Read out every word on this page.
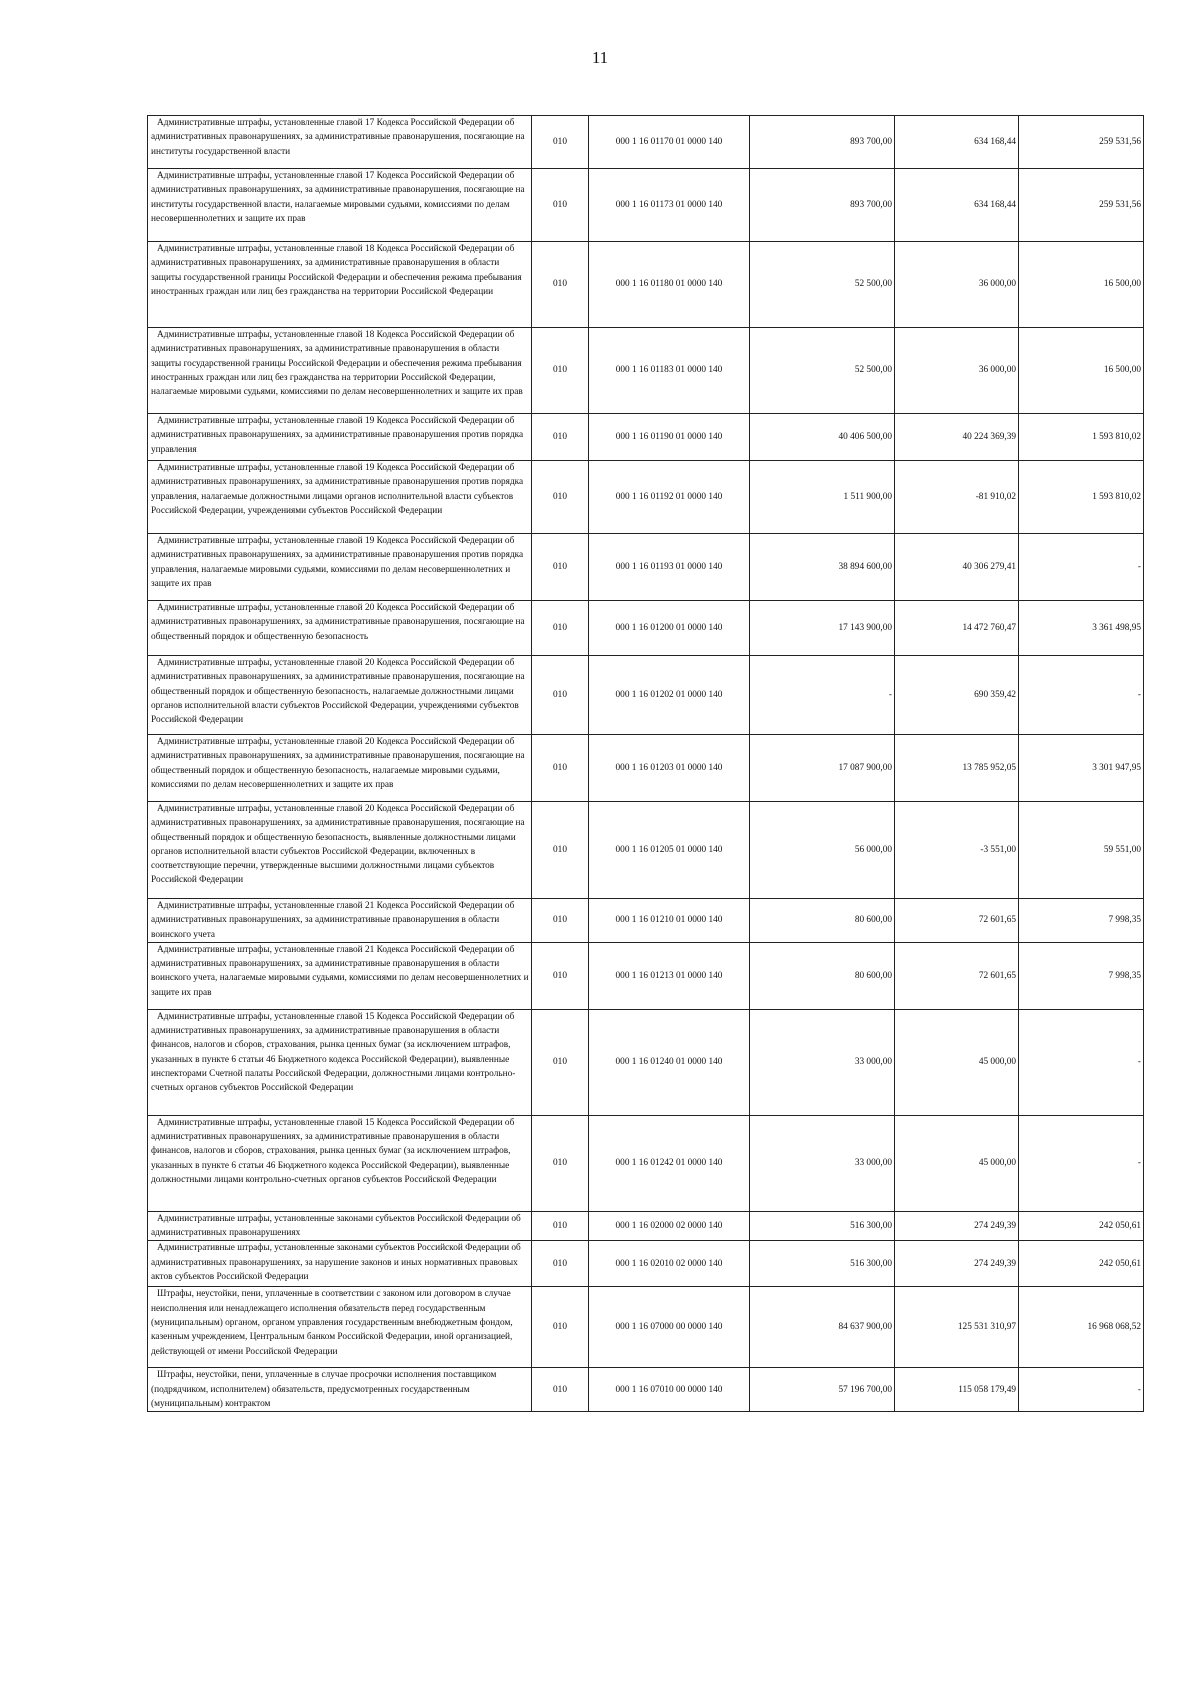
11
Административные штрафы, установленные главой 17 Кодекса Российской Федерации об административных правонарушениях, за административные правонарушения, посягающие на институты государственной власти	010	000 1 16 01170 01 0000 140	893 700,00	634 168,44	259 531,56

Административные штрафы, установленные главой 17 Кодекса Российской Федерации об административных правонарушениях, за административные правонарушения, посягающие на институты государственной власти, налагаемые мировыми судьями, комиссиями по делам несовершеннолетних и защите их прав	010	000 1 16 01173 01 0000 140	893 700,00	634 168,44	259 531,56

Административные штрафы, установленные главой 18 Кодекса Российской Федерации об административных правонарушениях, за административные правонарушения в области защиты государственной границы Российской Федерации и обеспечения режима пребывания иностранных граждан или лиц без гражданства на территории Российской Федерации	010	000 1 16 01180 01 0000 140	52 500,00	36 000,00	16 500,00

Административные штрафы, установленные главой 18 Кодекса Российской Федерации об административных правонарушениях, за административные правонарушения в области защиты государственной границы Российской Федерации и обеспечения режима пребывания иностранных граждан или лиц без гражданства на территории Российской Федерации, налагаемые мировыми судьями, комиссиями по делам несовершеннолетних и защите их прав	010	000 1 16 01183 01 0000 140	52 500,00	36 000,00	16 500,00

Административные штрафы, установленные главой 19 Кодекса Российской Федерации об административных правонарушениях, за административные правонарушения против порядка управления	010	000 1 16 01190 01 0000 140	40 406 500,00	40 224 369,39	1 593 810,02

Административные штрафы, установленные главой 19 Кодекса Российской Федерации об административных правонарушениях, за административные правонарушения против порядка управления, налагаемые должностными лицами органов исполнительной власти субъектов Российской Федерации, учреждениями субъектов Российской Федерации	010	000 1 16 01192 01 0000 140	1 511 900,00	-81 910,02	1 593 810,02

Административные штрафы, установленные главой 19 Кодекса Российской Федерации об административных правонарушениях, за административные правонарушения против порядка управления, налагаемые мировыми судьями, комиссиями по делам несовершеннолетних и защите их прав	010	000 1 16 01193 01 0000 140	38 894 600,00	40 306 279,41	-

Административные штрафы, установленные главой 20 Кодекса Российской Федерации об административных правонарушениях, за административные правонарушения, посягающие на общественный порядок и общественную безопасность	010	000 1 16 01200 01 0000 140	17 143 900,00	14 472 760,47	3 361 498,95

Административные штрафы, установленные главой 20 Кодекса Российской Федерации об административных правонарушениях, за административные правонарушения, посягающие на общественный порядок и общественную безопасность, налагаемые должностными лицами органов исполнительной власти субъектов Российской Федерации, учреждениями субъектов Российской Федерации	010	000 1 16 01202 01 0000 140	-	690 359,42	-

Административные штрафы, установленные главой 20 Кодекса Российской Федерации об административных правонарушениях, за административные правонарушения, посягающие на общественный порядок и общественную безопасность, налагаемые мировыми судьями, комиссиями по делам несовершеннолетних и защите их прав	010	000 1 16 01203 01 0000 140	17 087 900,00	13 785 952,05	3 301 947,95

Административные штрафы, установленные главой 20 Кодекса Российской Федерации об административных правонарушениях, за административные правонарушения, посягающие на общественный порядок и общественную безопасность, выявленные должностными лицами органов исполнительной власти субъектов Российской Федерации, включенных в соответствующие перечни, утвержденные высшими должностными лицами субъектов Российской Федерации	010	000 1 16 01205 01 0000 140	56 000,00	-3 551,00	59 551,00

Административные штрафы, установленные главой 21 Кодекса Российской Федерации об административных правонарушениях, за административные правонарушения в области воинского учета	010	000 1 16 01210 01 0000 140	80 600,00	72 601,65	7 998,35

Административные штрафы, установленные главой 21 Кодекса Российской Федерации об административных правонарушениях, за административные правонарушения в области воинского учета, налагаемые мировыми судьями, комиссиями по делам несовершеннолетних и защите их прав	010	000 1 16 01213 01 0000 140	80 600,00	72 601,65	7 998,35

Административные штрафы, установленные главой 15 Кодекса Российской Федерации об административных правонарушениях, за административные правонарушения в области финансов, налогов и сборов, страхования, рынка ценных бумаг (за исключением штрафов, указанных в пункте 6 статьи 46 Бюджетного кодекса Российской Федерации), выявленные инспекторами Счетной палаты Российской Федерации, должностными лицами контрольно-счетных органов субъектов Российской Федерации	010	000 1 16 01240 01 0000 140	33 000,00	45 000,00	-

Административные штрафы, установленные главой 15 Кодекса Российской Федерации об административных правонарушениях, за административные правонарушения в области финансов, налогов и сборов, страхования, рынка ценных бумаг (за исключением штрафов, указанных в пункте 6 статьи 46 Бюджетного кодекса Российской Федерации), выявленные должностными лицами контрольно-счетных органов субъектов Российской Федерации	010	000 1 16 01242 01 0000 140	33 000,00	45 000,00	-

Административные штрафы, установленные законами субъектов Российской Федерации об административных правонарушениях	010	000 1 16 02000 02 0000 140	516 300,00	274 249,39	242 050,61

Административные штрафы, установленные законами субъектов Российской Федерации об административных правонарушениях, за нарушение законов и иных нормативных правовых актов субъектов Российской Федерации	010	000 1 16 02010 02 0000 140	516 300,00	274 249,39	242 050,61

Штрафы, неустойки, пени, уплаченные в соответствии с законом или договором в случае неисполнения или ненадлежащего исполнения обязательств перед государственным (муниципальным) органом, органом управления государственным внебюджетным фондом, казенным учреждением, Центральным банком Российской Федерации, иной организацией, действующей от имени Российской Федерации	010	000 1 16 07000 00 0000 140	84 637 900,00	125 531 310,97	16 968 068,52

Штрафы, неустойки, пени, уплаченные в случае просрочки исполнения поставщиком (подрядчиком, исполнителем) обязательств, предусмотренных государственным (муниципальным) контрактом	010	000 1 16 07010 00 0000 140	57 196 700,00	115 058 179,49	-
